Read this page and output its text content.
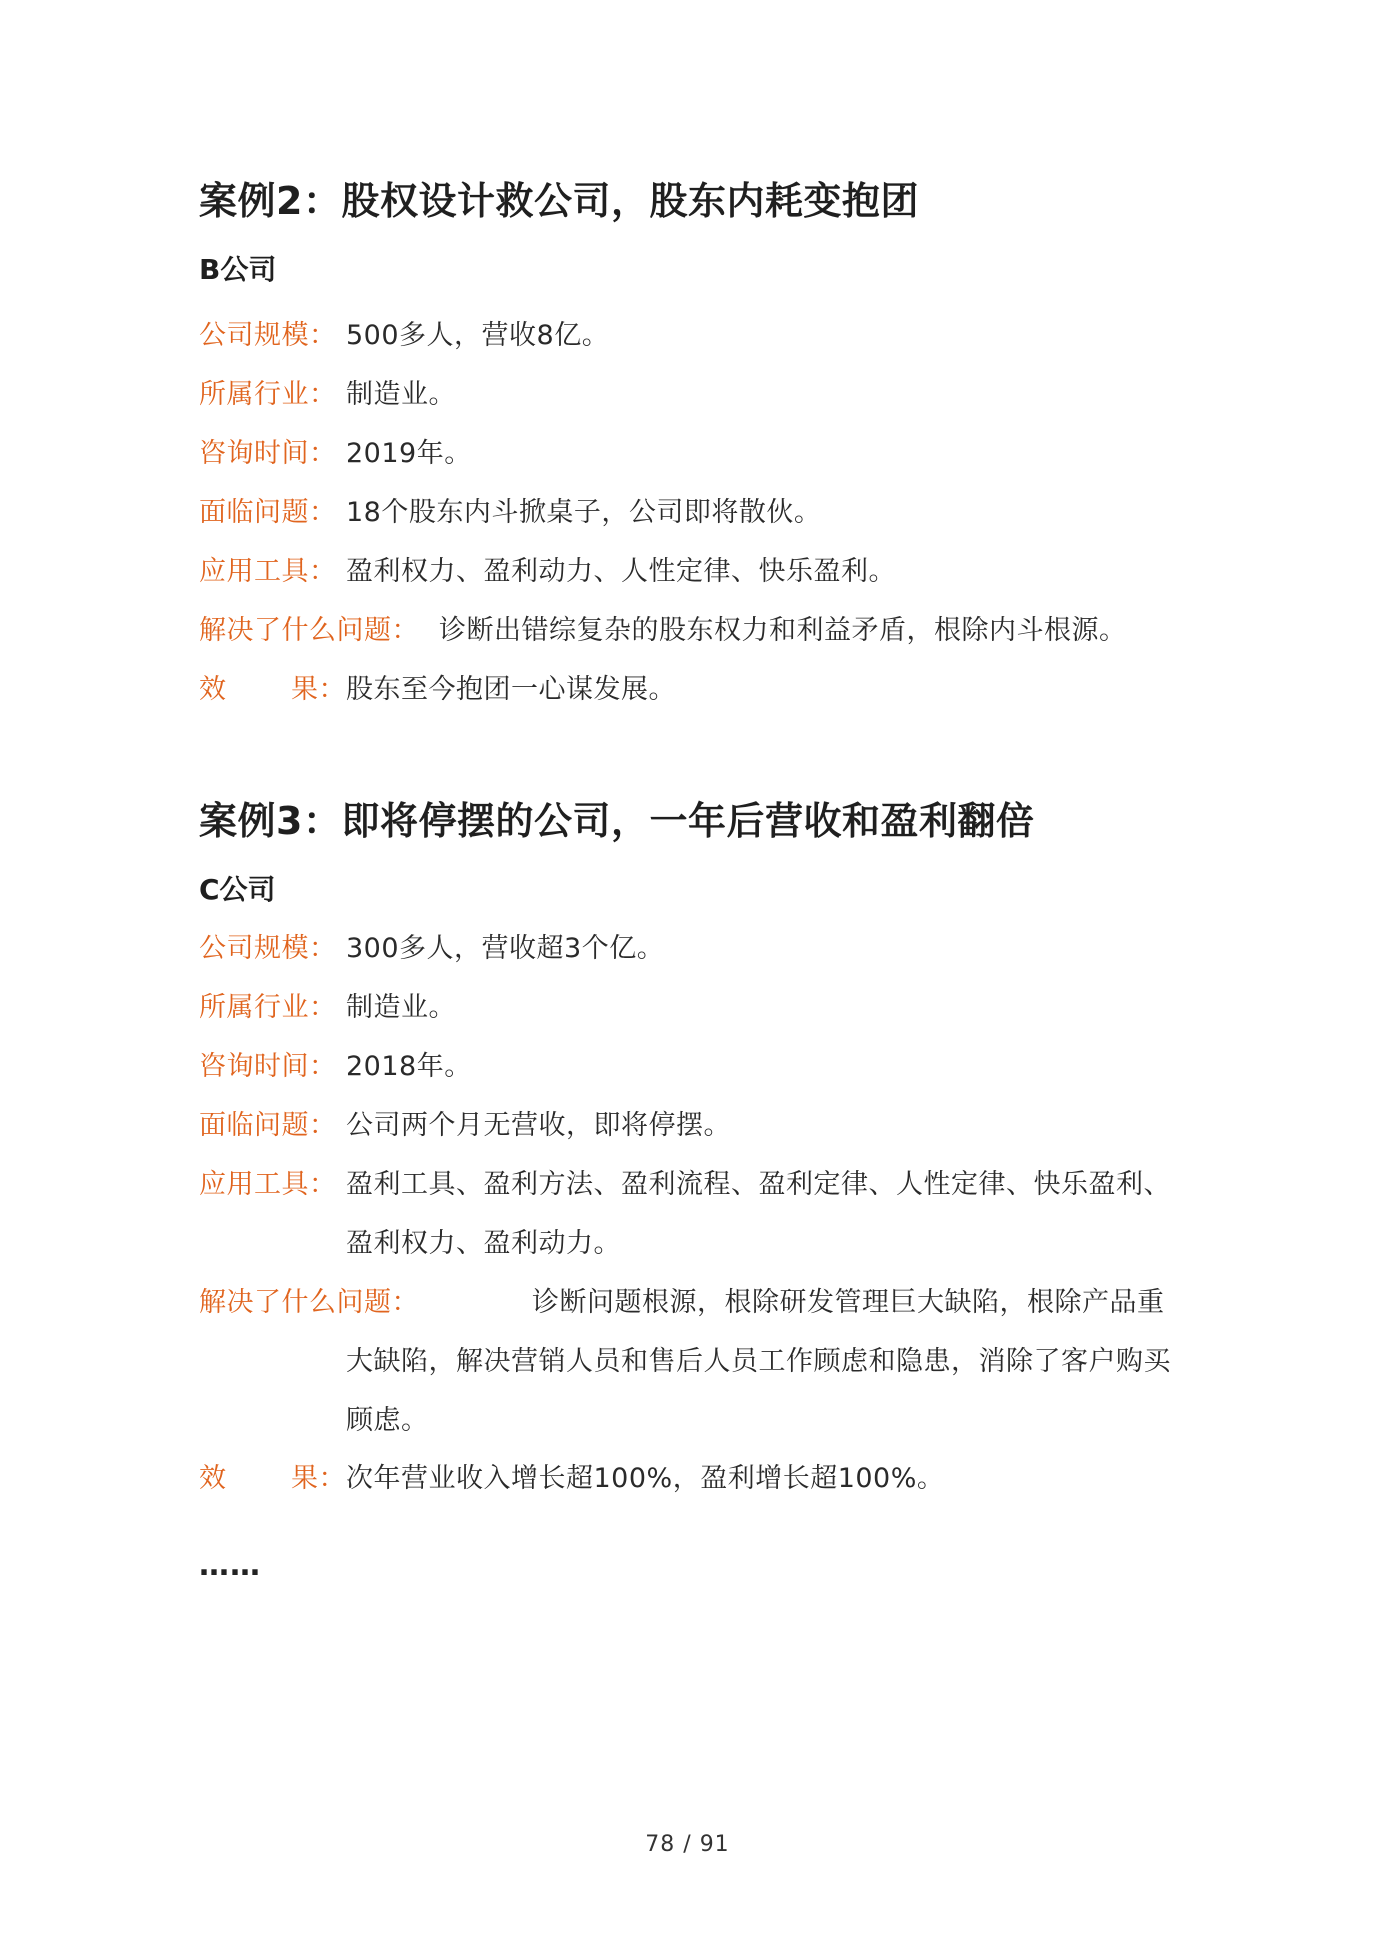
案例2：股权设计救公司，股东内耗变抱团
B公司
公司规模： 500多人，营收8亿。
所属行业： 制造业。
咨询时间： 2019年。
面临问题： 18个股东内斗掀桌子，公司即将散伙。
应用工具： 盈利权力、盈利动力、人性定律、快乐盈利。
解决了什么问题： 诊断出错综复杂的股东权力和利益矛盾，根除内斗根源。
效 果： 股东至今抱团一心谋发展。
案例3：即将停摆的公司，一年后营收和盈利翻倍
C公司
公司规模： 300多人，营收超3个亿。
所属行业： 制造业。
咨询时间： 2018年。
面临问题： 公司两个月无营收，即将停摆。
应用工具： 盈利工具、盈利方法、盈利流程、盈利定律、人性定律、快乐盈利、盈利权力、盈利动力。
解决了什么问题：	诊断问题根源，根除研发管理巨大缺陷，根除产品重大缺陷，解决营销人员和售后人员工作顾虑和隐患，消除了客户购买顾虑。
效 果： 次年营业收入增长超100%，盈利增长超100%。
……
78 / 91
